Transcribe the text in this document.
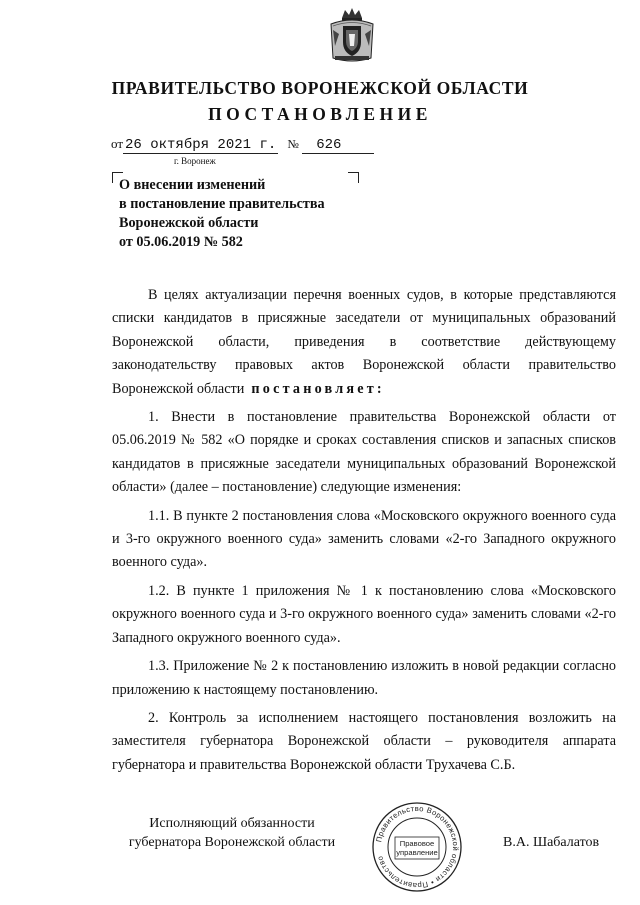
ПРАВИТЕЛЬСТВО ВОРОНЕЖСКОЙ ОБЛАСТИ
ПОСТАНОВЛЕНИЕ
от 26 октября 2021 г. № 626
г. Воронеж
О внесении изменений
в постановление правительства
Воронежской области
от 05.06.2019 № 582

В целях актуализации перечня военных судов, в которые представляются списки кандидатов в присяжные заседатели от муниципальных образований Воронежской области, приведения в соответствие действующему законодательству правовых актов Воронежской области правительство Воронежской области постановляет:

1. Внести в постановление правительства Воронежской области от 05.06.2019 № 582 «О порядке и сроках составления списков и запасных списков кандидатов в присяжные заседатели муниципальных образований Воронежской области» (далее – постановление) следующие изменения:

1.1. В пункте 2 постановления слова «Московского окружного военного суда и 3-го окружного военного суда» заменить словами «2-го Западного окружного военного суда».

1.2. В пункте 1 приложения № 1 к постановлению слова «Московского окружного военного суда и 3-го окружного военного суда» заменить словами «2-го Западного окружного военного суда».

1.3. Приложение № 2 к постановлению изложить в новой редакции согласно приложению к настоящему постановлению.

2. Контроль за исполнением настоящего постановления возложить на заместителя губернатора Воронежской области – руководителя аппарата губернатора и правительства Воронежской области Трухачева С.Б.

Исполняющий обязанности
губернатора Воронежской области	Правительство Воронежской области • Правительство
Правовое
управление
В.А. Шабалатов
